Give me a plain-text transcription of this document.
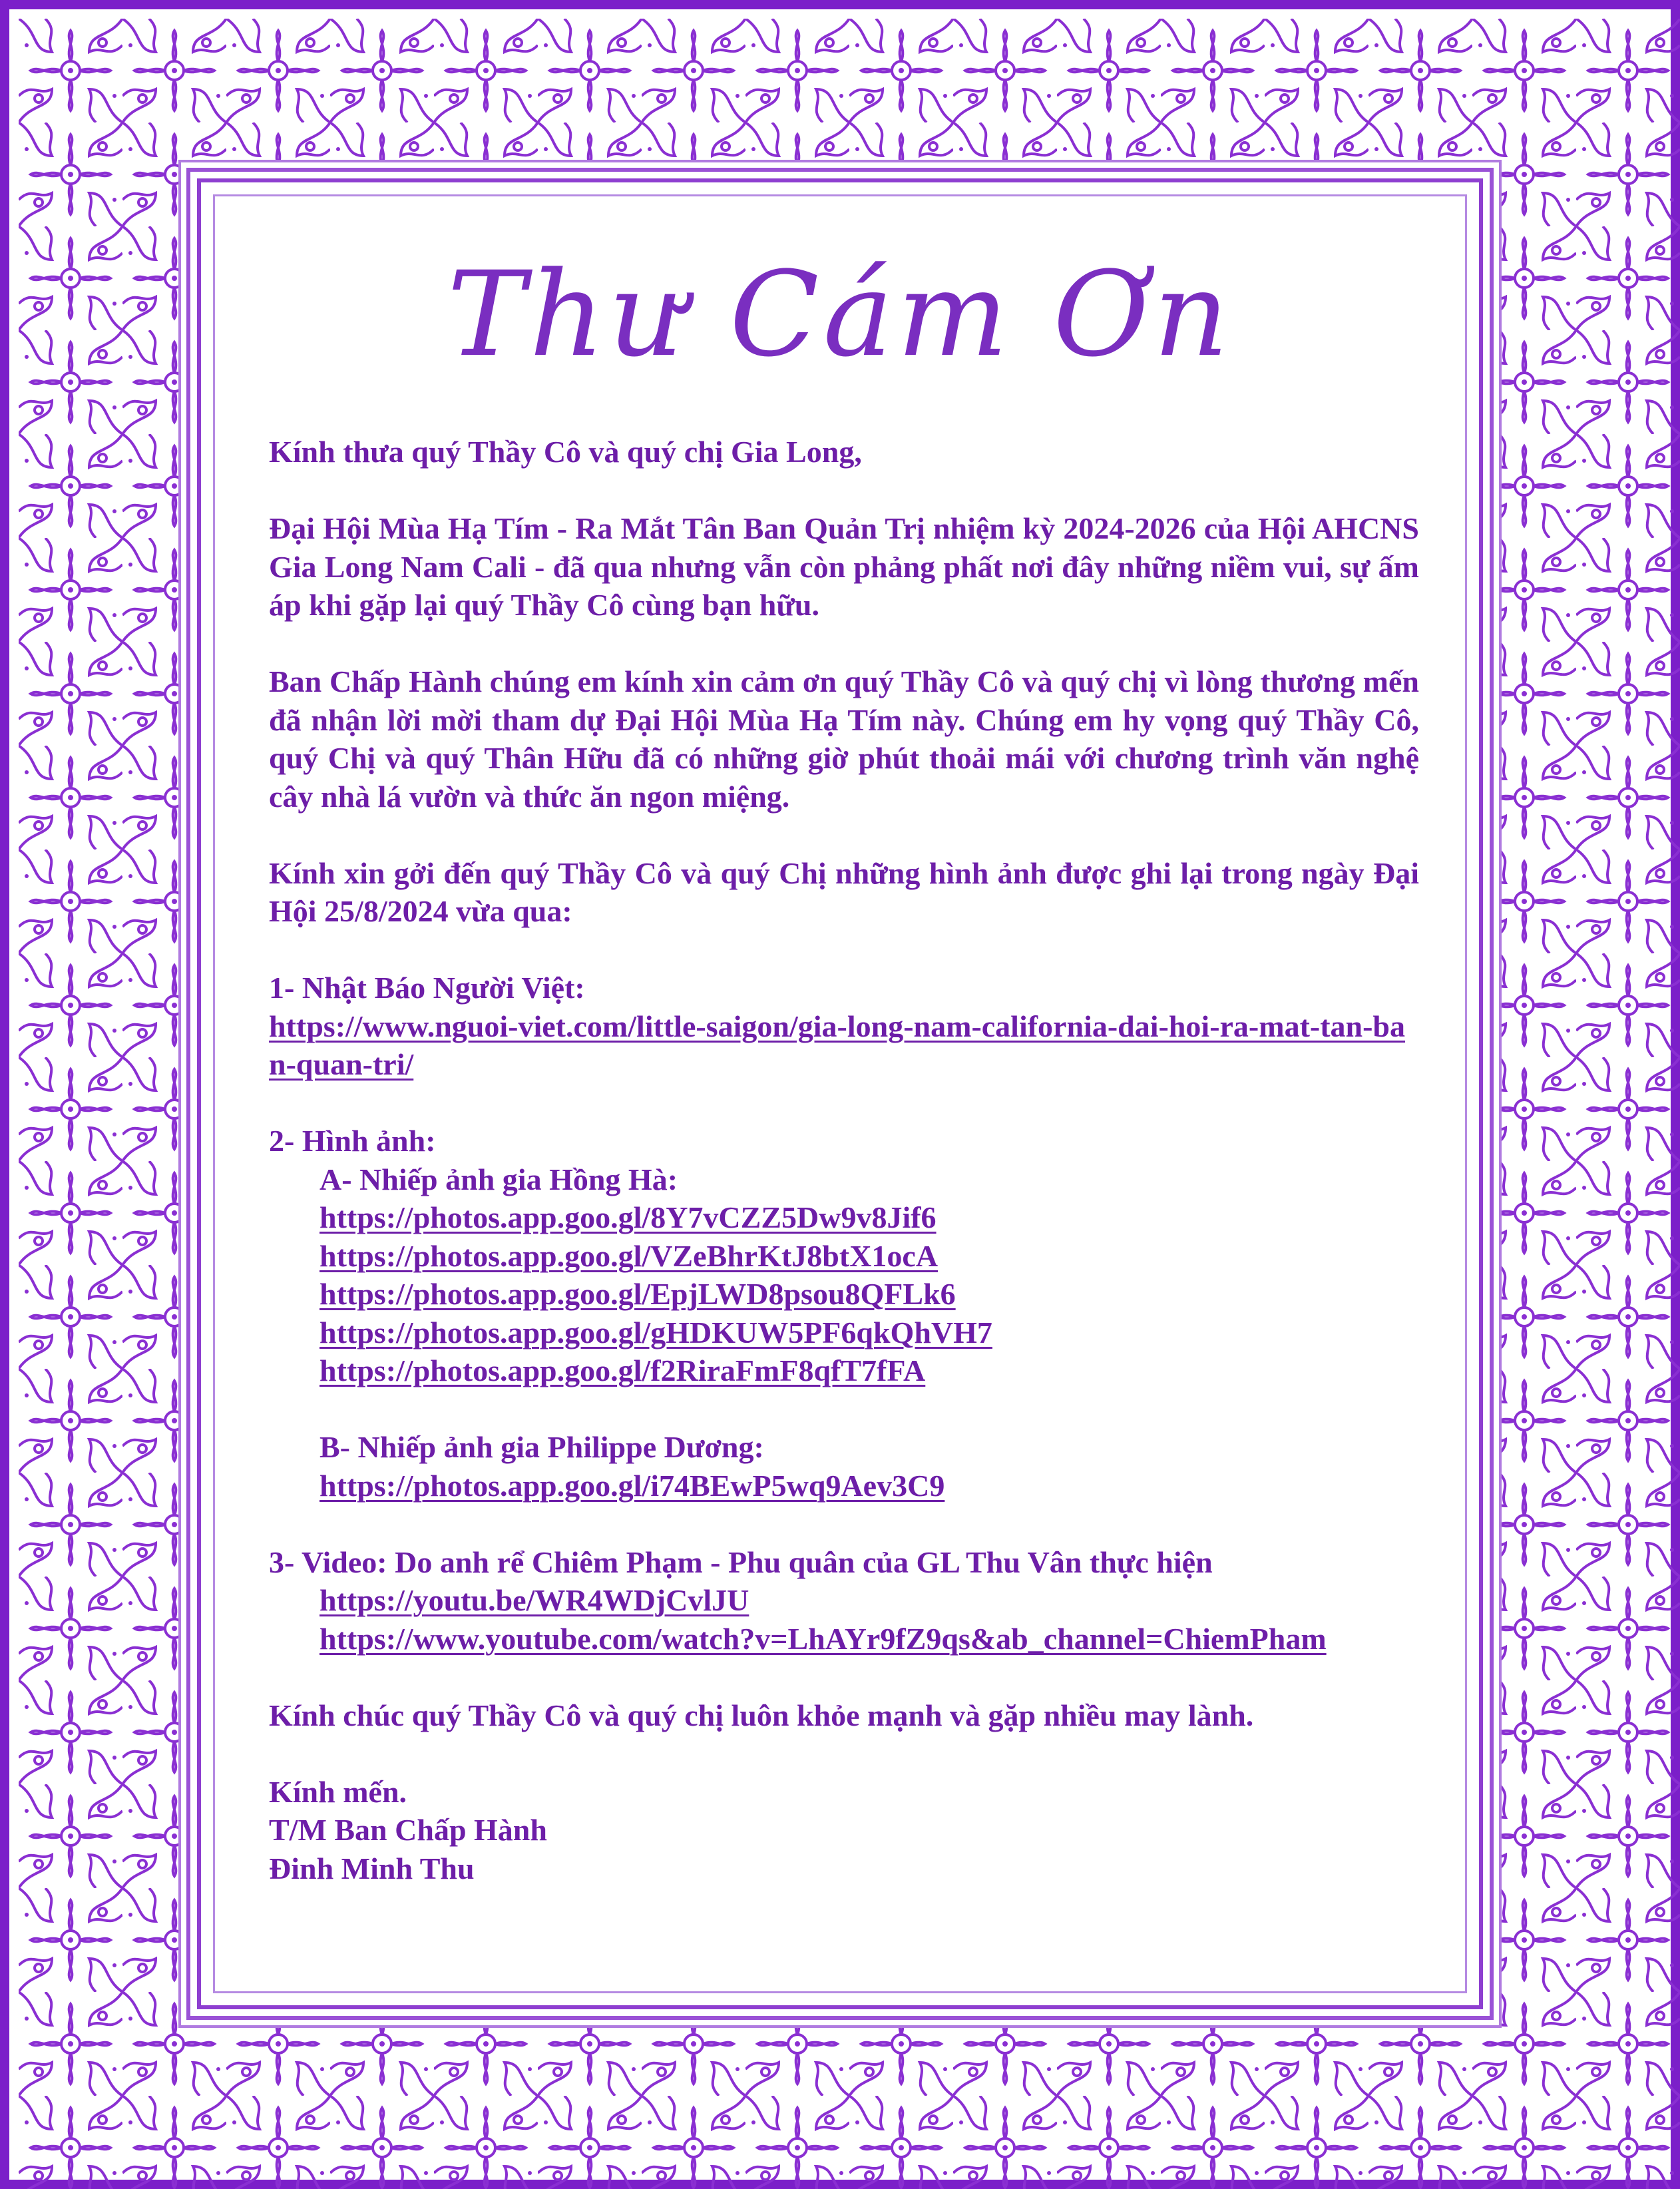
Thư Cám Ơn

Kính thưa quý Thầy Cô và quý chị Gia Long,

Đại Hội Mùa Hạ Tím - Ra Mắt Tân Ban Quản Trị nhiệm kỳ 2024-2026 của Hội AHCNS Gia Long Nam Cali - đã qua nhưng vẫn còn phảng phất nơi đây những niềm vui, sự ấm áp khi gặp lại quý Thầy Cô cùng bạn hữu.

Ban Chấp Hành chúng em kính xin cảm ơn quý Thầy Cô và quý chị vì lòng thương mến đã nhận lời mời tham dự Đại Hội Mùa Hạ Tím này. Chúng em hy vọng quý Thầy Cô, quý Chị và quý Thân Hữu đã có những giờ phút thoải mái với chương trình văn nghệ cây nhà lá vườn và thức ăn ngon miệng.

Kính xin gởi đến quý Thầy Cô và quý Chị những hình ảnh được ghi lại trong ngày Đại Hội 25/8/2024 vừa qua:

1- Nhật Báo Người Việt:

https://www.nguoi-viet.com/little-saigon/gia-long-nam-california-dai-hoi-ra-mat-tan-ban-quan-tri/

2- Hình ảnh:

A- Nhiếp ảnh gia Hồng Hà:

https://photos.app.goo.gl/8Y7vCZZ5Dw9v8Jif6

https://photos.app.goo.gl/VZeBhrKtJ8btX1ocA

https://photos.app.goo.gl/EpjLWD8psou8QFLk6

https://photos.app.goo.gl/gHDKUW5PF6qkQhVH7

https://photos.app.goo.gl/f2RiraFmF8qfT7fFA

B- Nhiếp ảnh gia Philippe Dương:

https://photos.app.goo.gl/i74BEwP5wq9Aev3C9

3- Video: Do anh rể Chiêm Phạm - Phu quân của GL Thu Vân thực hiện

https://youtu.be/WR4WDjCvlJU

https://www.youtube.com/watch?v=LhAYr9fZ9qs&ab_channel=ChiemPham

Kính chúc quý Thầy Cô và quý chị luôn khỏe mạnh và gặp nhiều may lành.

Kính mến.

T/M Ban Chấp Hành

Đinh Minh Thu
